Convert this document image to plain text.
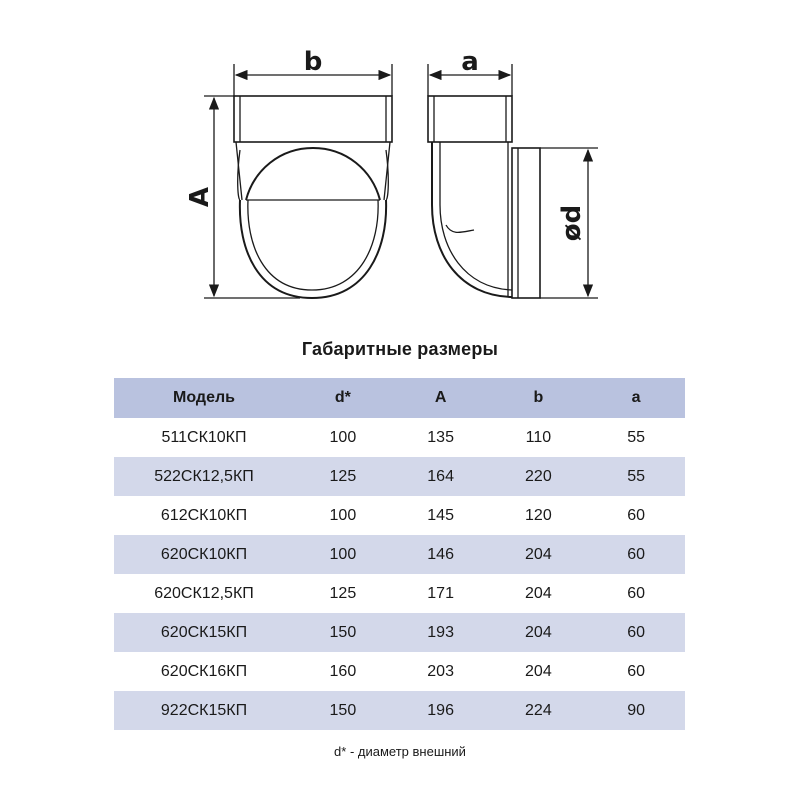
b	a
A
ød
Габаритные размеры
Модель	d*	A	b	a
511СК10КП	100	135	110	55
522СК12,5КП	125	164	220	55
612СК10КП	100	145	120	60
620СК10КП	100	146	204	60
620СК12,5КП	125	171	204	60
620СК15КП	150	193	204	60
620СК16КП	160	203	204	60
922СК15КП	150	196	224	90
d* - диаметр внешний
